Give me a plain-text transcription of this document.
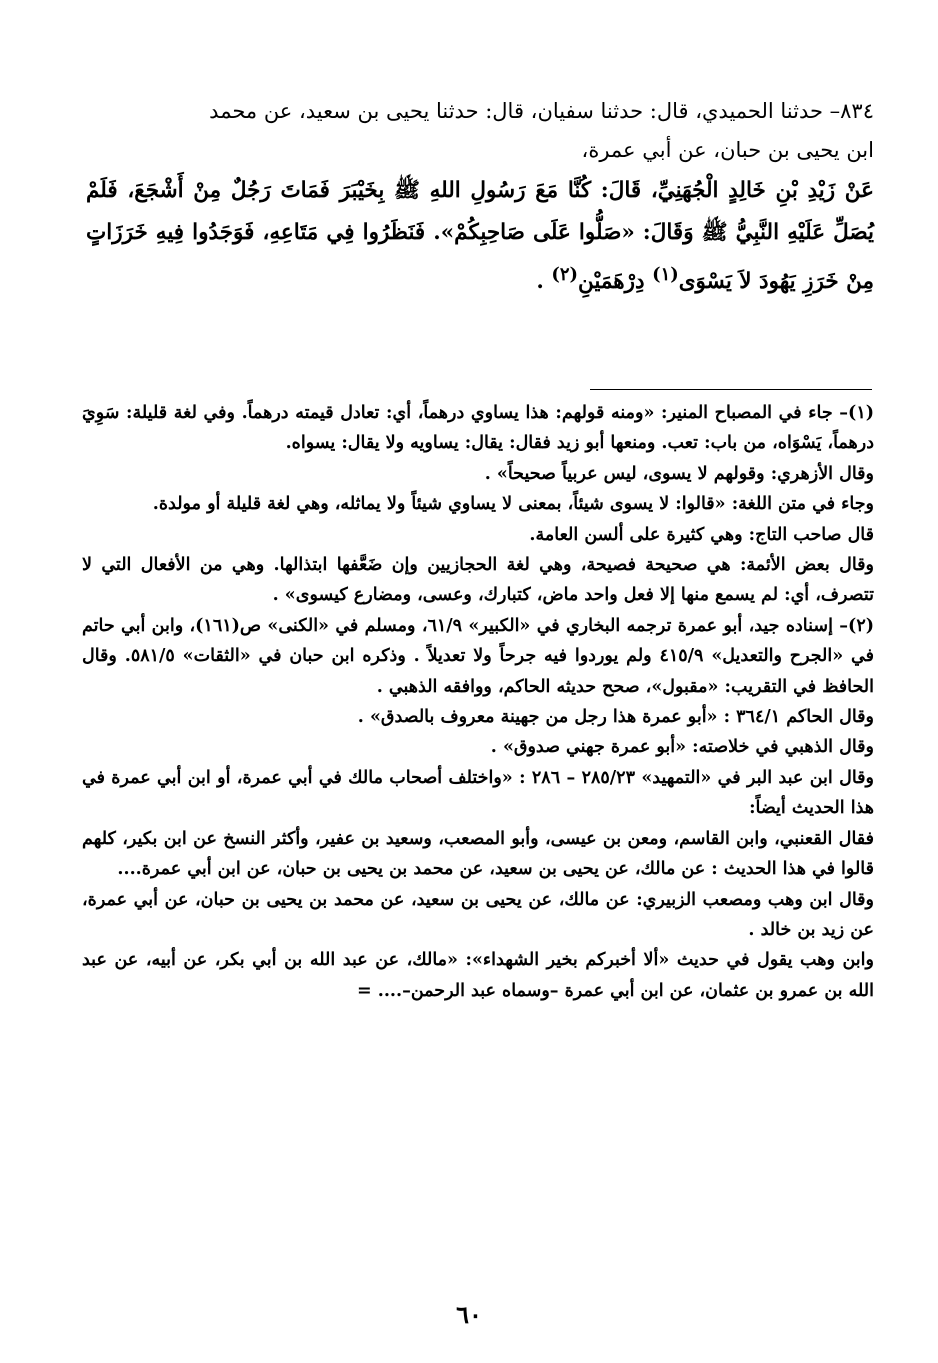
٨٣٤– حدثنا الحميدي، قال: حدثنا سفيان، قال: حدثنا يحيى بن سعيد، عن محمد

ابن يحيى بن حبان، عن أبي عمرة،

عَنْ زَيْدِ بْنِ خَالِدٍ الْجُهَنِيِّ، قَالَ: كُنَّا مَعَ رَسُولِ اللهِ ﷺ بِخَيْبَرَ فَمَاتَ رَجُلٌ مِنْ أَشْجَعَ، فَلَمْ يُصَلِّ عَلَيْهِ النَّبِيُّ ﷺ وَقَالَ: «صَلُّوا عَلَى صَاحِبِكُمْ». فَنَظَرُوا فِي مَتَاعِهِ، فَوَجَدُوا فِيهِ خَرَزَاتٍ مِنْ خَرَزِ يَهُودَ لاَ يَسْوَى$^{(١)}$ دِرْهَمَيْنِ$^{(٢)}$ .

(١)– جاء في المصباح المنير: «ومنه قولهم: هذا يساوي درهماً، أي: تعادل قيمته درهماً. وفي لغة قليلة: سَوِيَ درهماً، يَسْوَاه، من باب: تعب. ومنعها أبو زيد فقال: يقال: يساويه ولا يقال: يسواه.

وقال الأزهري: وقولهم لا يسوى، ليس عربياً صحيحاً» .

وجاء في متن اللغة: «قالوا: لا يسوى شيئاً، بمعنى لا يساوي شيئاً ولا يماثله، وهي لغة قليلة أو مولدة.

قال صاحب التاج: وهي كثيرة على ألسن العامة.

وقال بعض الأئمة: هي صحيحة فصيحة، وهي لغة الحجازيين وإن ضَعَّفها ابتذالها. وهي من الأفعال التي لا تتصرف، أي: لم يسمع منها إلا فعل واحد ماض، كتبارك، وعسى، ومضارع كيسوى» .

(٢)– إسناده جيد، أبو عمرة ترجمه البخاري في «الكبير» ٦١/٩، ومسلم في «الكنى» ص(١٦١)، وابن أبي حاتم في «الجرح والتعديل» ٤١٥/٩ ولم يوردوا فيه جرحاً ولا تعديلاً . وذكره ابن حبان في «الثقات» ٥٨١/٥. وقال الحافظ في التقريب: «مقبول»، صحح حديثه الحاكم، ووافقه الذهبي .

وقال الحاكم ٣٦٤/١ : «أبو عمرة هذا رجل من جهينة معروف بالصدق» .

وقال الذهبي في خلاصته: «أبو عمرة جهني صدوق» .

وقال ابن عبد البر في «التمهيد» ٢٨٥/٢٣ – ٢٨٦ : «واختلف أصحاب مالك في أبي عمرة، أو ابن أبي عمرة في هذا الحديث أيضاً:

فقال القعنبي، وابن القاسم، ومعن بن عيسى، وأبو المصعب، وسعيد بن عفير، وأكثر النسخ عن ابن بكير، كلهم قالوا في هذا الحديث : عن مالك، عن يحيى بن سعيد، عن محمد بن يحيى بن حبان، عن ابن أبي عمرة....

وقال ابن وهب ومصعب الزبيري: عن مالك، عن يحيى بن سعيد، عن محمد بن يحيى بن حبان، عن أبي عمرة، عن زيد بن خالد .

وابن وهب يقول في حديث «ألا أخبركم بخير الشهداء»: «مالك، عن عبد الله بن أبي بكر، عن أبيه، عن عبد الله بن عمرو بن عثمان، عن ابن أبي عمرة –وسماه عبد الرحمن–.... =

٦٠
